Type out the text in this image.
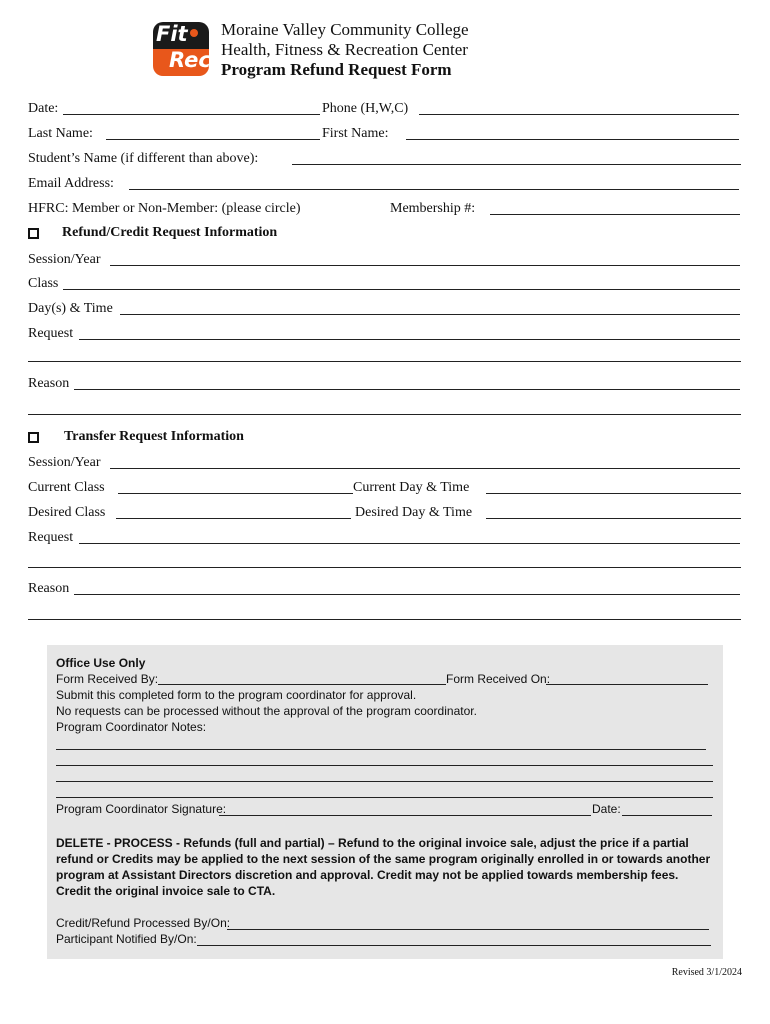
Fit
Rec
Moraine Valley Community College
Health, Fitness & Recreation Center
Program Refund Request Form
Date:	Phone (H,W,C)
Last Name:	First Name:
Student’s Name (if different than above):
Email Address:
HFRC: Member or Non-Member: (please circle)	Membership #:
Refund/Credit Request Information
Session/Year
Class
Day(s) & Time
Request
Reason
Transfer Request Information
Session/Year
Current Class	Current Day & Time
Desired Class	Desired Day & Time
Request
Reason
Office Use Only
Form Received By:	Form Received On:
Submit this completed form to the program coordinator for approval.
No requests can be processed without the approval of the program coordinator.
Program Coordinator Notes:
Program Coordinator Signature:	Date:
DELETE - PROCESS - Refunds (full and partial) – Refund to the original invoice sale, adjust the price if a partial refund or Credits may be applied to the next session of the same program originally enrolled in or towards another program at Assistant Directors discretion and approval. Credit may not be applied towards membership fees. Credit the original invoice sale to CTA.
Credit/Refund Processed By/On:
Participant Notified By/On:
Revised 3/1/2024
